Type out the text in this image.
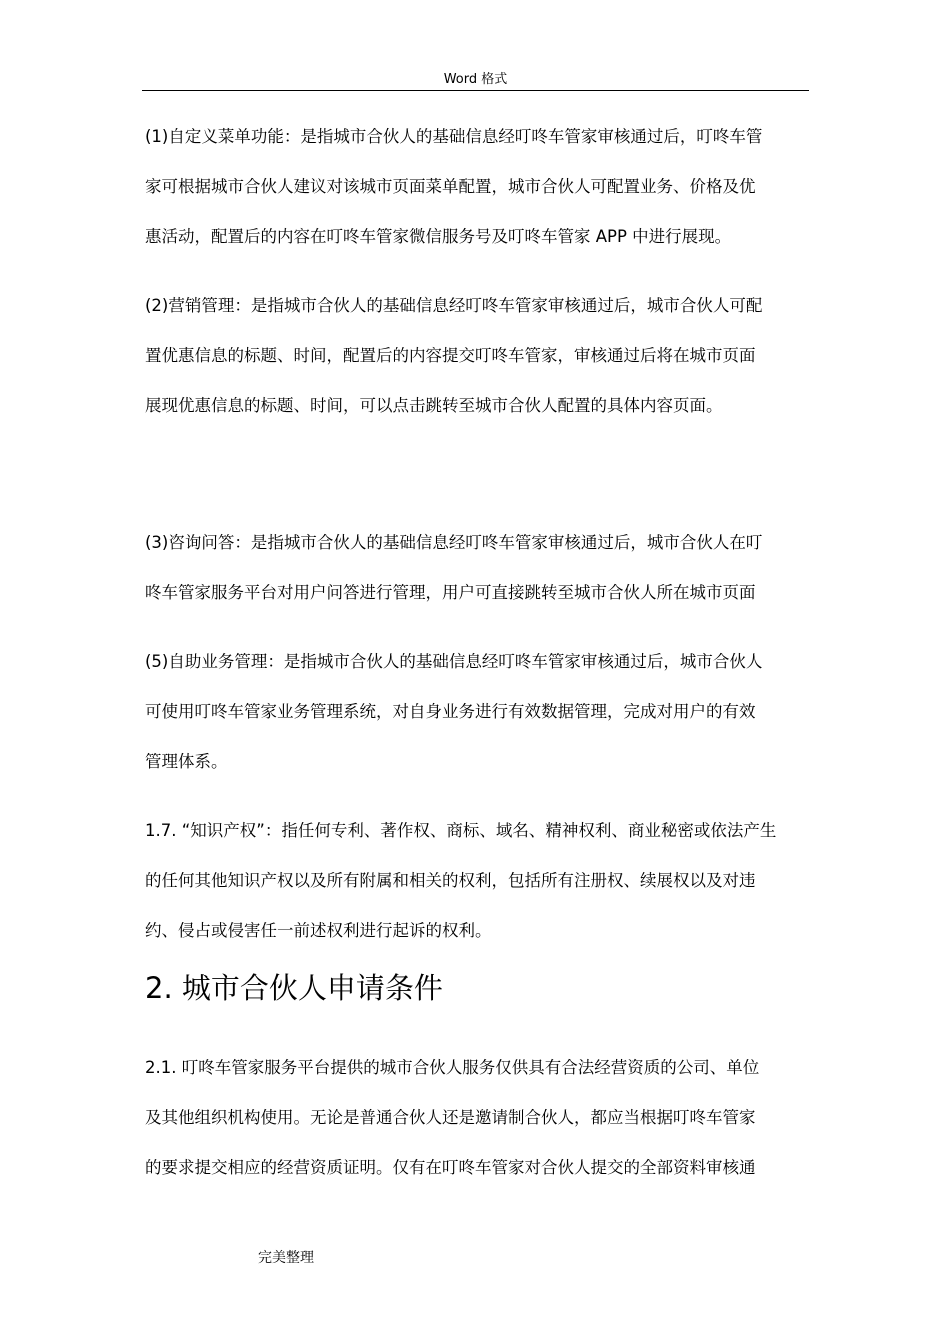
Word 格式

(1)自定义菜单功能：是指城市合伙人的基础信息经叮咚车管家审核通过后，叮咚车管
家可根据城市合伙人建议对该城市页面菜单配置，城市合伙人可配置业务、价格及优
惠活动，配置后的内容在叮咚车管家微信服务号及叮咚车管家 APP 中进行展现。

(2)营销管理：是指城市合伙人的基础信息经叮咚车管家审核通过后，城市合伙人可配
置优惠信息的标题、时间，配置后的内容提交叮咚车管家，审核通过后将在城市页面
展现优惠信息的标题、时间，可以点击跳转至城市合伙人配置的具体内容页面。

(3)咨询问答：是指城市合伙人的基础信息经叮咚车管家审核通过后，城市合伙人在叮
咚车管家服务平台对用户问答进行管理，用户可直接跳转至城市合伙人所在城市页面

(5)自助业务管理：是指城市合伙人的基础信息经叮咚车管家审核通过后，城市合伙人
可使用叮咚车管家业务管理系统，对自身业务进行有效数据管理，完成对用户的有效
管理体系。

1.7. “知识产权”：指任何专利、著作权、商标、域名、精神权利、商业秘密或依法产生
的任何其他知识产权以及所有附属和相关的权利，包括所有注册权、续展权以及对违
约、侵占或侵害任一前述权利进行起诉的权利。

2. 城市合伙人申请条件

2.1. 叮咚车管家服务平台提供的城市合伙人服务仅供具有合法经营资质的公司、单位
及其他组织机构使用。无论是普通合伙人还是邀请制合伙人，都应当根据叮咚车管家
的要求提交相应的经营资质证明。仅有在叮咚车管家对合伙人提交的全部资料审核通

完美整理
